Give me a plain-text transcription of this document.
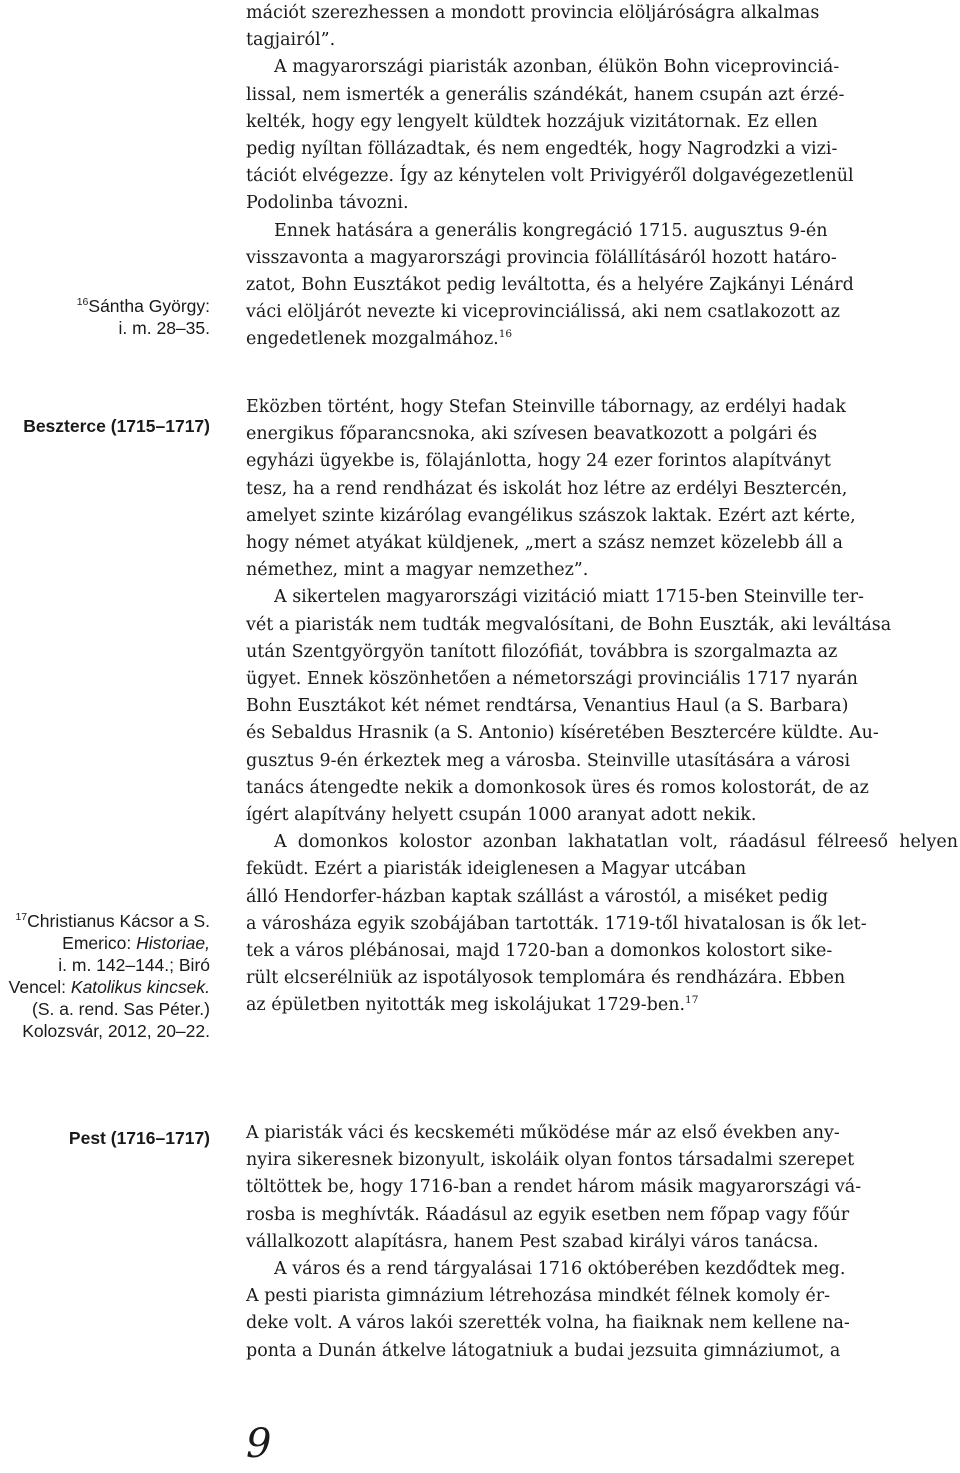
$^{16}$Sántha György:
i. m. 28–35.
Beszterce (1715–1717)
$^{17}$Christianus Kácsor a S.
Emerico: Historiae,
i. m. 142–144.; Biró
Vencel: Katolikus kincsek.
(S. a. rend. Sas Péter.)
Kolozsvár, 2012, 20–22.
Pest (1716–1717)
mációt szerezhessen a mondott provincia elöljáróságra alkalmas
tagjairól”.
A magyarországi piaristák azonban, élükön Bohn viceprovinciá-
lissal, nem ismerték a generális szándékát, hanem csupán azt érzé-
kelték, hogy egy lengyelt küldtek hozzájuk vizitátornak. Ez ellen
pedig nyíltan föllázadtak, és nem engedték, hogy Nagrodzki a vizi-
tációt elvégezze. Így az kénytelen volt Privigyéről dolgavégezetlenül
Podolinba távozni.
Ennek hatására a generális kongregáció 1715. augusztus 9-én
visszavonta a magyarországi provincia fölállításáról hozott határo-
zatot, Bohn Eusztákot pedig leváltotta, és a helyére Zajkányi Lénárd
váci elöljárót nevezte ki viceprovinciálissá, aki nem csatlakozott az
engedetlenek mozgalmához.$^{16}$
Eközben történt, hogy Stefan Steinville tábornagy, az erdélyi hadak
energikus főparancsnoka, aki szívesen beavatkozott a polgári és
egyházi ügyekbe is, fölajánlotta, hogy 24 ezer forintos alapítványt
tesz, ha a rend rendházat és iskolát hoz létre az erdélyi Besztercén,
amelyet szinte kizárólag evangélikus szászok laktak. Ezért azt kérte,
hogy német atyákat küldjenek, „mert a szász nemzet közelebb áll a
némethez, mint a magyar nemzethez”.
A sikertelen magyarországi vizitáció miatt 1715-ben Steinville ter-
vét a piaristák nem tudták megvalósítani, de Bohn Euszták, aki leváltása
után Szentgyörgyön tanított filozófiát, továbbra is szorgalmazta az
ügyet. Ennek köszönhetően a németországi provinciális 1717 nyarán
Bohn Eusztákot két német rendtársa, Venantius Haul (a S. Barbara)
és Sebaldus Hrasnik (a S. Antonio) kíséretében Besztercére küldte. Au-
gusztus 9-én érkeztek meg a városba. Steinville utasítására a városi
tanács átengedte nekik a domonkosok üres és romos kolostorát, de az
ígért alapítvány helyett csupán 1000 aranyat adott nekik.

A domonkos kolostor azonban lakhatatlan volt, ráadásul félreeső helyen feküdt. Ezért a piaristák ideiglenesen a Magyar utcában

álló Hendorfer-házban kaptak szállást a várostól, a miséket pedig
a városháza egyik szobájában tartották. 1719-től hivatalosan is ők let-
tek a város plébánosai, majd 1720-ban a domonkos kolostort sike-
rült elcserélniük az ispotályosok templomára és rendházára. Ebben
az épületben nyitották meg iskolájukat 1729-ben.$^{17}$
A piaristák váci és kecskeméti működése már az első években any-
nyira sikeresnek bizonyult, iskoláik olyan fontos társadalmi szerepet
töltöttek be, hogy 1716-ban a rendet három másik magyarországi vá-
rosba is meghívták. Ráadásul az egyik esetben nem főpap vagy főúr
vállalkozott alapításra, hanem Pest szabad királyi város tanácsa.
A város és a rend tárgyalásai 1716 októberében kezdődtek meg.
A pesti piarista gimnázium létrehozása mindkét félnek komoly ér-
deke volt. A város lakói szerették volna, ha fiaiknak nem kellene na-
ponta a Dunán átkelve látogatniuk a budai jezsuita gimnáziumot, a
9
